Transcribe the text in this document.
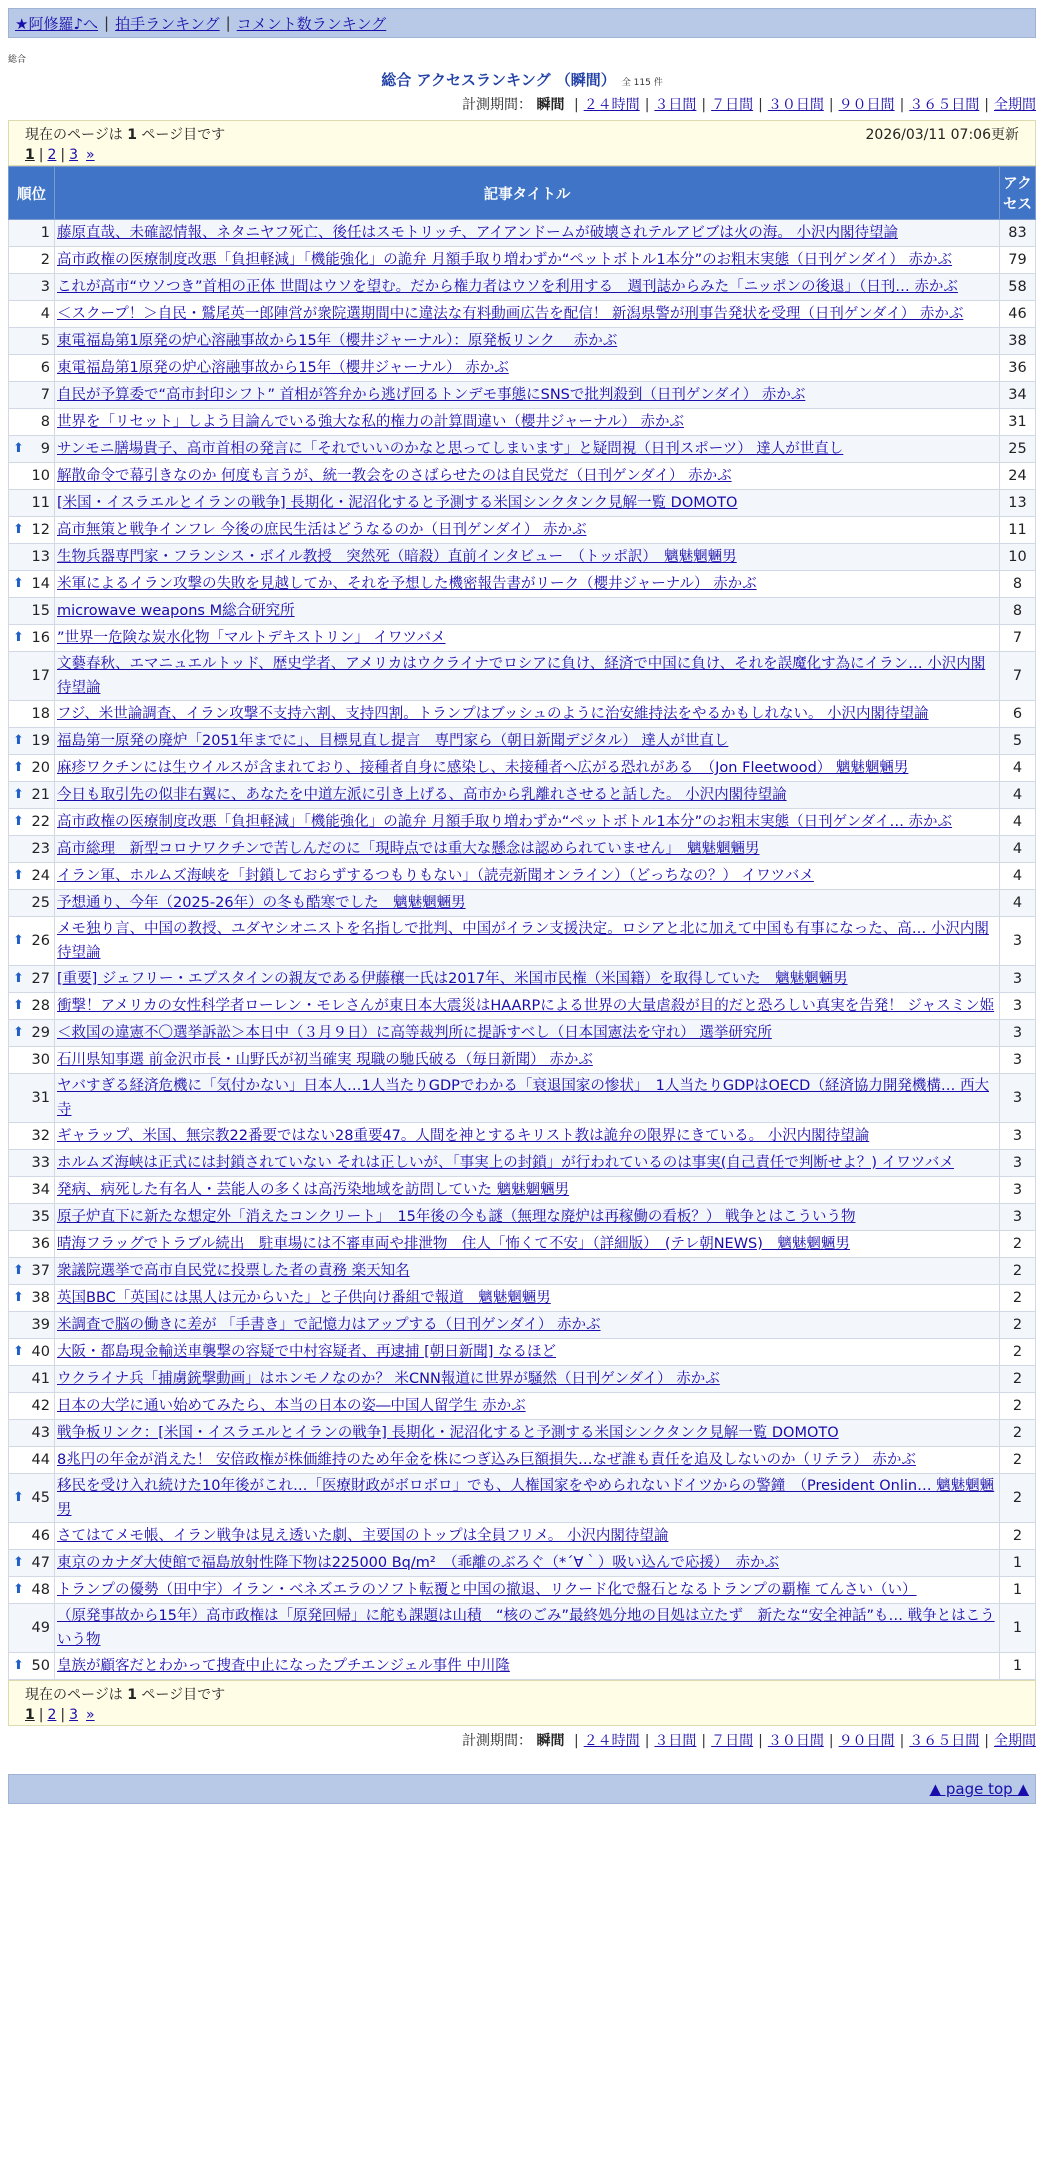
★阿修羅♪へ | 拍手ランキング | コメント数ランキング
総合
総合 アクセスランキング （瞬間） 全 115 件
計測期間： 瞬間 | ２４時間 | ３日間 | ７日間 | ３０日間 | ９０日間 | ３６５日間 | 全期間
現在のページは 1 ページ目です	2026/03/11 07:06更新
1 | 2 | 3 »
順位	記事タイトル	アクセス
1	藤原直哉、未確認情報、ネタニヤフ死亡、後任はスモトリッチ、アイアンドームが破壊されテルアビブは火の海。 小沢内閣待望論	83
2	高市政権の医療制度改悪「負担軽減」「機能強化」の詭弁 月額手取り増わずか“ペットボトル1本分”のお粗末実態（日刊ゲンダイ） 赤かぶ	79
3	これが高市“ウソつき”首相の正体 世間はウソを望む。だから権力者はウソを利用する　週刊誌からみた「ニッポンの後退」（日刊… 赤かぶ	58
4	＜スクープ！＞自民・鷲尾英一郎陣営が衆院選期間中に違法な有料動画広告を配信！ 新潟県警が刑事告発状を受理（日刊ゲンダイ） 赤かぶ	46
5	東電福島第1原発の炉心溶融事故から15年（櫻井ジャーナル）：原発板リンク　 赤かぶ	38
6	東電福島第1原発の炉心溶融事故から15年（櫻井ジャーナル） 赤かぶ	36
7	自民が予算委で“高市封印シフト” 首相が答弁から逃げ回るトンデモ事態にSNSで批判殺到（日刊ゲンダイ） 赤かぶ	34
8	世界を「リセット」しよう目論んでいる強大な私的権力の計算間違い（櫻井ジャーナル） 赤かぶ	31

⬆ 9	サンモニ膳場貴子、高市首相の発言に「それでいいのかなと思ってしまいます」と疑問視（日刊スポーツ） 達人が世直し	25
10	解散命令で幕引きなのか 何度も言うが、統一教会をのさばらせたのは自民党だ（日刊ゲンダイ） 赤かぶ	24
11	[米国・イスラエルとイランの戦争] 長期化・泥沼化すると予測する米国シンクタンク見解一覧 DOMOTO	13

⬆ 12	高市無策と戦争インフレ 今後の庶民生活はどうなるのか（日刊ゲンダイ） 赤かぶ	11
13	生物兵器専門家・フランシス・ボイル教授　突然死（暗殺）直前インタビュー　（トッポ訳）　魑魅魍魎男	10

⬆ 14	米軍によるイラン攻撃の失敗を見越してか、それを予想した機密報告書がリーク（櫻井ジャーナル） 赤かぶ	8
15	microwave weapons M総合研究所	8

⬆ 16	”世界一危険な炭水化物「マルトデキストリン」 イワツバメ	7
17	文藝春秋、エマニュエルトッド、歴史学者、アメリカはウクライナでロシアに負け、経済で中国に負け、それを誤魔化す為にイラン… 小沢内閣待望論	7
18	フジ、米世論調査、イラン攻撃不支持六割、支持四割。トランプはブッシュのように治安維持法をやるかもしれない。 小沢内閣待望論	6

⬆ 19	福島第一原発の廃炉「2051年までに」、目標見直し提言　専門家ら（朝日新聞デジタル） 達人が世直し	5

⬆ 20	麻疹ワクチンには生ウイルスが含まれており、接種者自身に感染し、未接種者へ広がる恐れがある　（Jon Fleetwood） 魑魅魍魎男	4

⬆ 21	今日も取引先の似非右翼に、あなたを中道左派に引き上げる、高市から乳離れさせると話した。 小沢内閣待望論	4

⬆ 22	高市政権の医療制度改悪「負担軽減」「機能強化」の詭弁 月額手取り増わずか“ペットボトル1本分”のお粗末実態（日刊ゲンダイ… 赤かぶ	4
23	高市総理　新型コロナワクチンで苦しんだのに「現時点では重大な懸念は認められていません」　魑魅魍魎男	4

⬆ 24	イラン軍、ホルムズ海峡を「封鎖しておらずするつもりもない」（読売新聞オンライン）（どっちなの？） イワツバメ	4
25	予想通り、今年（2025-26年）の冬も酷寒でした　魑魅魍魎男	4

⬆ 26	メモ独り言、中国の教授、ユダヤシオニストを名指しで批判、中国がイラン支援決定。ロシアと北に加えて中国も有事になった、高… 小沢内閣待望論	3

⬆ 27	[重要] ジェフリー・エプスタインの親友である伊藤穰一氏は2017年、米国市民権（米国籍）を取得していた　魑魅魍魎男	3

⬆ 28	衝撃！アメリカの女性科学者ローレン・モレさんが東日本大震災はHAARPによる世界の大量虐殺が目的だと恐ろしい真実を告発！ ジャスミン姫	3

⬆ 29	＜救国の違憲不〇選挙訴訟＞本日中（３月９日）に高等裁判所に提訴すべし（日本国憲法を守れ） 選挙研究所	3
30	石川県知事選 前金沢市長・山野氏が初当確実 現職の馳氏破る（毎日新聞） 赤かぶ	3
31	ヤバすぎる経済危機に「気付かない」日本人…1人当たりGDPでわかる「衰退国家の惨状」　1人当たりGDPはOECD（経済協力開発機構… 西大寺	3
32	ギャラップ、米国、無宗教22番要ではない28重要47。人間を神とするキリスト教は詭弁の限界にきている。 小沢内閣待望論	3
33	ホルムズ海峡は正式には封鎖されていない それは正しいが、「事実上の封鎖」が行われているのは事実(自己責任で判断せよ？) イワツバメ	3
34	発病、病死した有名人・芸能人の多くは高汚染地域を訪問していた 魑魅魍魎男	3
35	原子炉直下に新たな想定外「消えたコンクリート」　15年後の今も謎（無理な廃炉は再稼働の看板？） 戦争とはこういう物	3
36	晴海フラッグでトラブル続出　駐車場には不審車両や排泄物　住人「怖くて不安」（詳細版）　(テレ朝NEWS)　魑魅魍魎男	2

⬆ 37	衆議院選挙で高市自民党に投票した者の責務 楽天知名	2

⬆ 38	英国BBC「英国には黒人は元からいた」と子供向け番組で報道　魑魅魍魎男	2
39	米調査で脳の働きに差が 「手書き」で記憶力はアップする（日刊ゲンダイ） 赤かぶ	2

⬆ 40	大阪・都島現金輸送車襲撃の容疑で中村容疑者、再逮捕 [朝日新聞] なるほど	2
41	ウクライナ兵「捕虜銃撃動画」はホンモノなのか？ 米CNN報道に世界が騒然（日刊ゲンダイ） 赤かぶ	2
42	日本の大学に通い始めてみたら、本当の日本の姿―中国人留学生 赤かぶ	2
43	戦争板リンク：[米国・イスラエルとイランの戦争] 長期化・泥沼化すると予測する米国シンクタンク見解一覧 DOMOTO	2
44	8兆円の年金が消えた！ 安倍政権が株価維持のため年金を株につぎ込み巨額損失…なぜ誰も責任を追及しないのか（リテラ） 赤かぶ	2

⬆ 45	移民を受け入れ続けた10年後がこれ…「医療財政がボロボロ」でも、人権国家をやめられないドイツからの警鐘　（President Onlin… 魑魅魍魎男	2
46	さてはてメモ帳、イラン戦争は見え透いた劇、主要国のトップは全員フリメ。 小沢内閣待望論	2

⬆ 47	東京のカナダ大使館で福島放射性降下物は225000 Bq/m²　（乖離のぶろぐ（*´∀｀）吸い込んで応援）　赤かぶ	1

⬆ 48	トランプの優勢（田中宇）イラン・ベネズエラのソフト転覆と中国の撤退、リクード化で盤石となるトランプの覇権 てんさい（い）	1
49	（原発事故から15年）高市政権は「原発回帰」に舵も課題は山積　“核のごみ”最終処分地の目処は立たず　新たな“安全神話”も… 戦争とはこういう物	1

⬆ 50	皇族が顧客だとわかって捜査中止になったプチエンジェル事件 中川隆	1
現在のページは 1 ページ目です
1 | 2 | 3 »
計測期間： 瞬間 | ２４時間 | ３日間 | ７日間 | ３０日間 | ９０日間 | ３６５日間 | 全期間
▲ page top ▲
